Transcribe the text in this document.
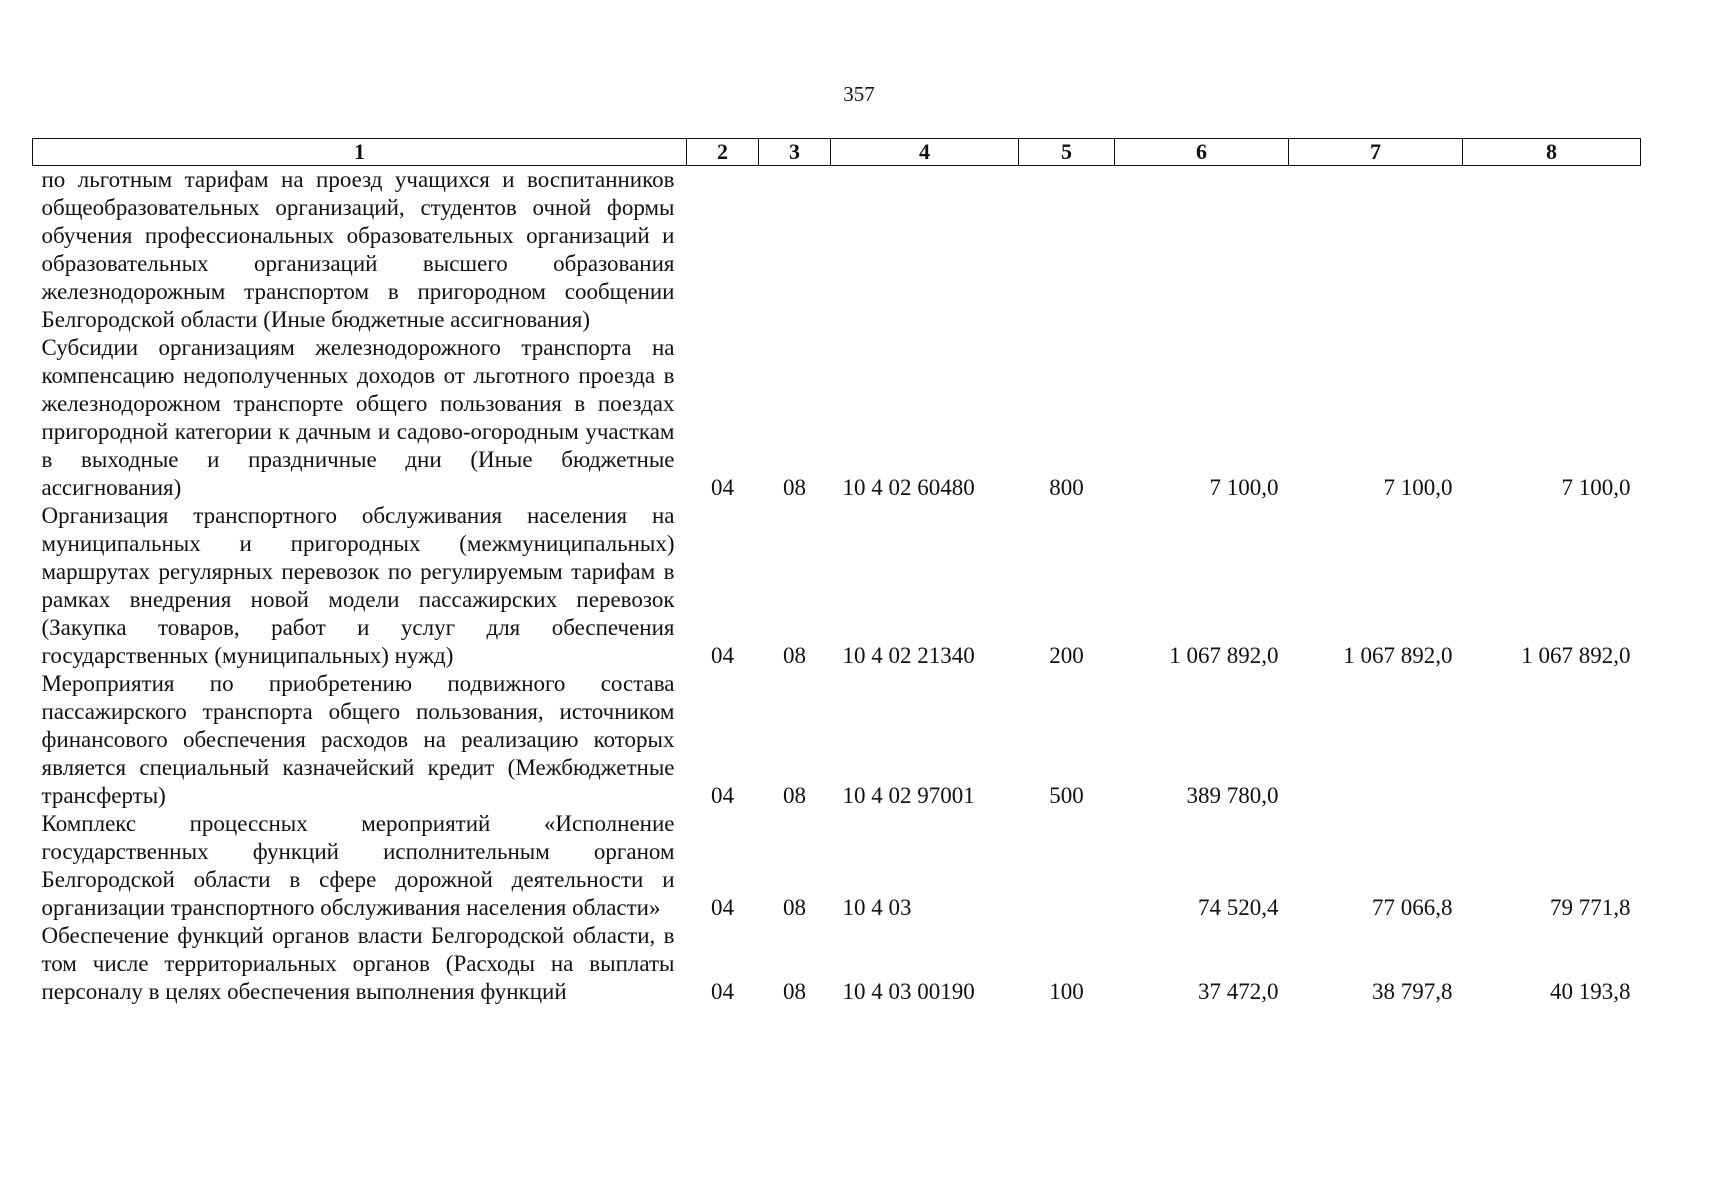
357
1	2	3	4	5	6	7	8
по льготным тарифам на проезд учащихся и воспитанников общеобразовательных организаций, студентов очной формы обучения профессиональных образовательных организаций и образовательных организаций высшего образования железнодорожным транспортом в пригородном сообщении Белгородской области (Иные бюджетные ассигнования)							
Субсидии организациям железнодорожного транспорта на компенсацию недополученных доходов от льготного проезда в железнодорожном транспорте общего пользования в поездах пригородной категории к дачным и садово-огородным участкам в выходные и праздничные дни (Иные бюджетные ассигнования)	04	08	10 4 02 60480	800	7 100,0	7 100,0	7 100,0
Организация транспортного обслуживания населения на муниципальных и пригородных (межмуниципальных) маршрутах регулярных перевозок по регулируемым тарифам в рамках внедрения новой модели пассажирских перевозок (Закупка товаров, работ и услуг для обеспечения государственных (муниципальных) нужд)	04	08	10 4 02 21340	200	1 067 892,0	1 067 892,0	1 067 892,0
Мероприятия по приобретению подвижного состава пассажирского транспорта общего пользования, источником финансового обеспечения расходов на реализацию которых является специальный казначейский кредит (Межбюджетные трансферты)	04	08	10 4 02 97001	500	389 780,0		
Комплекс процессных мероприятий «Исполнение государственных функций исполнительным органом Белгородской области в сфере дорожной деятельности и организации транспортного обслуживания населения области»	04	08	10 4 03		74 520,4	77 066,8	79 771,8
Обеспечение функций органов власти Белгородской области, в том числе территориальных органов (Расходы на выплаты персоналу в целях обеспечения выполнения функций	04	08	10 4 03 00190	100	37 472,0	38 797,8	40 193,8
